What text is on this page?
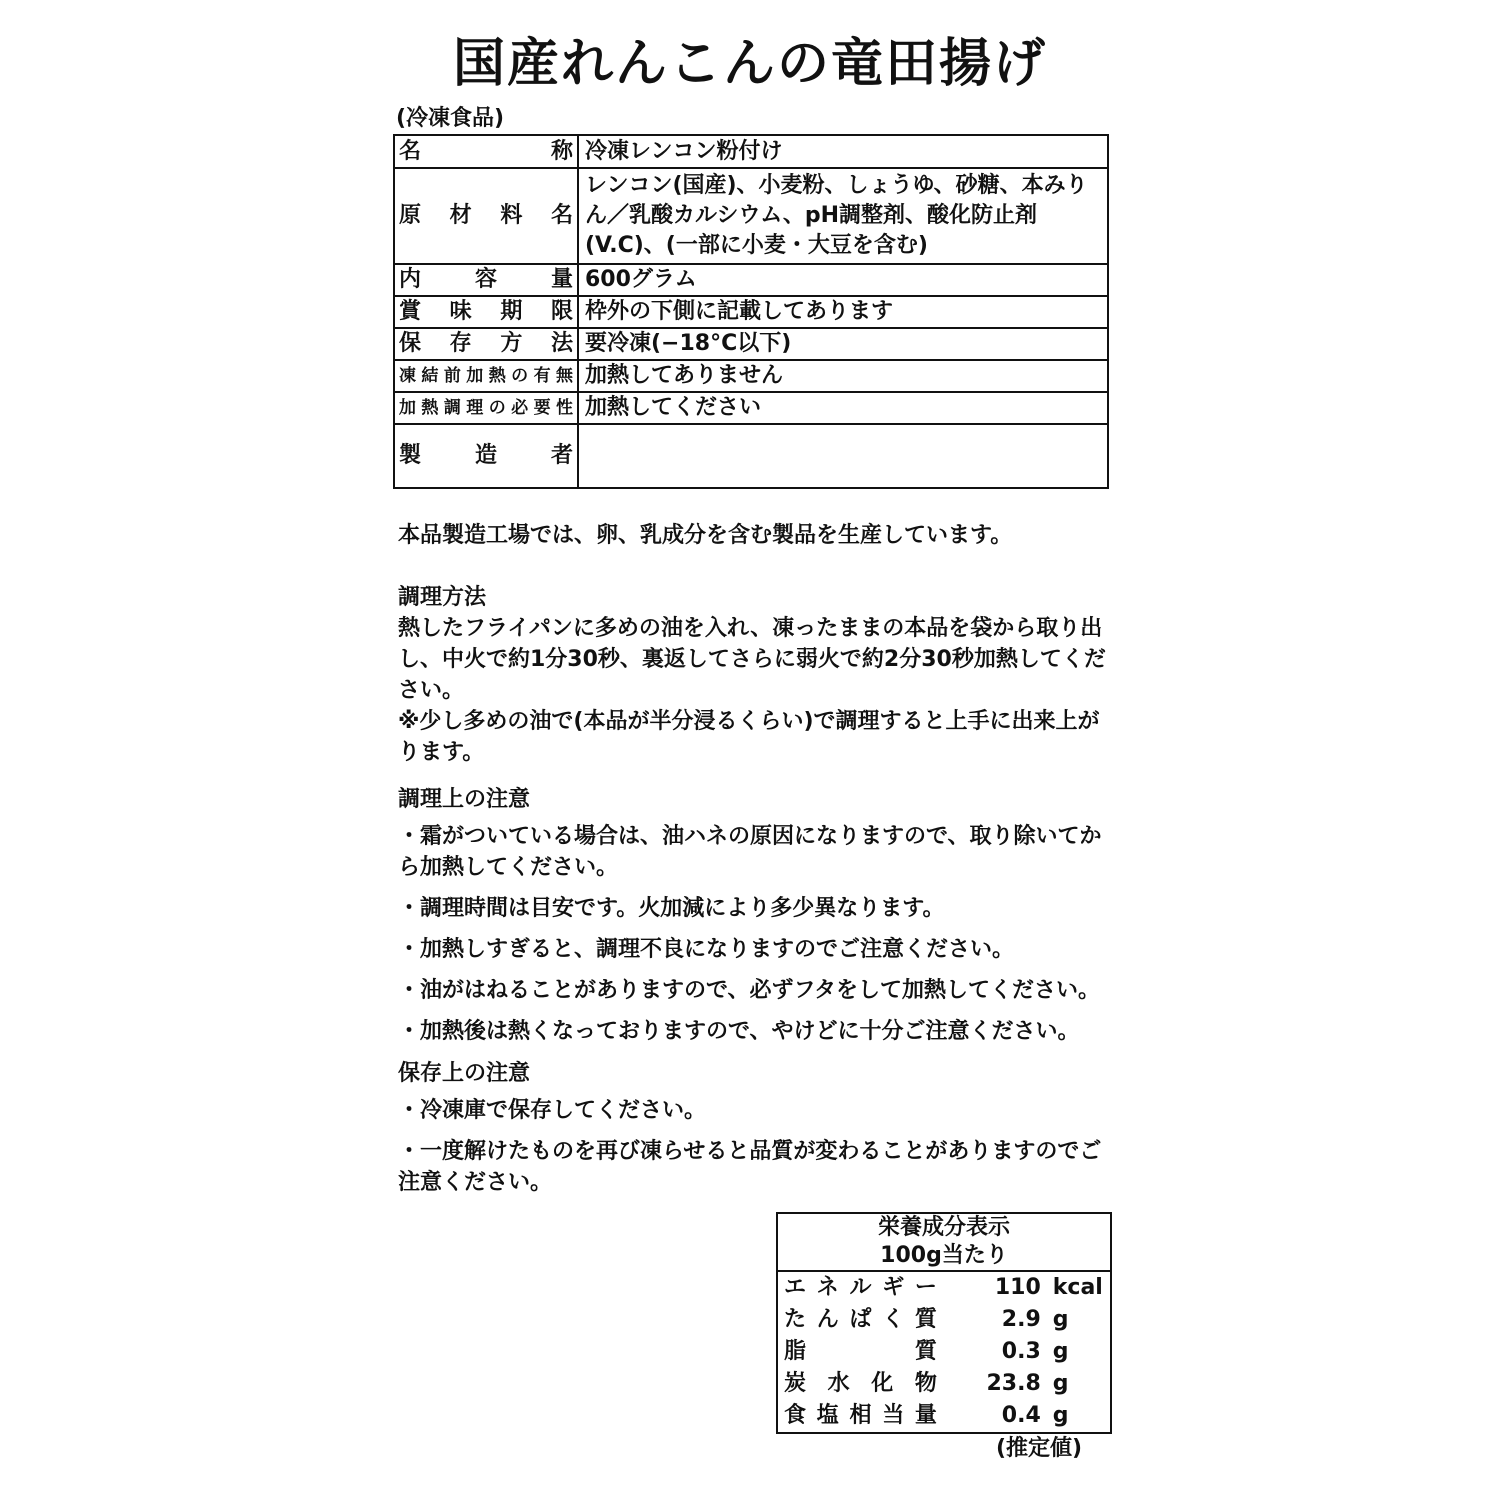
国産れんこんの竜田揚げ
(冷凍食品)
名称	冷凍レンコン粉付け
原材料名	レンコン(国産)、小麦粉、しょうゆ、砂糖、本みりん／乳酸カルシウム、pH調整剤、酸化防止剤(V.C)、(一部に小麦・大豆を含む)
内容量	600グラム
賞味期限	枠外の下側に記載してあります
保存方法	要冷凍(−18°C以下)
凍結前加熱の有無	加熱してありません
加熱調理の必要性	加熱してください
製造者	
本品製造工場では、卵、乳成分を含む製品を生産しています。

調理方法

熱したフライパンに多めの油を入れ、凍ったままの本品を袋から取り出し、中火で約1分30秒、裏返してさらに弱火で約2分30秒加熱してください。

※少し多めの油で(本品が半分浸るくらい)で調理すると上手に出来上がります。

調理上の注意

・霜がついている場合は、油ハネの原因になりますので、取り除いてから加熱してください。

・調理時間は目安です。火加減により多少異なります。

・加熱しすぎると、調理不良になりますのでご注意ください。

・油がはねることがありますので、必ずフタをして加熱してください。

・加熱後は熱くなっておりますので、やけどに十分ご注意ください。

保存上の注意

・冷凍庫で保存してください。

・一度解けたものを再び凍らせると品質が変わることがありますのでご注意ください。

栄養成分表示
100g当たり		

エネルギー	110	kcal
たんぱく質	2.9	g
脂質	0.3	g
炭水化物	23.8	g
食塩相当量	0.4	g
(推定値)
